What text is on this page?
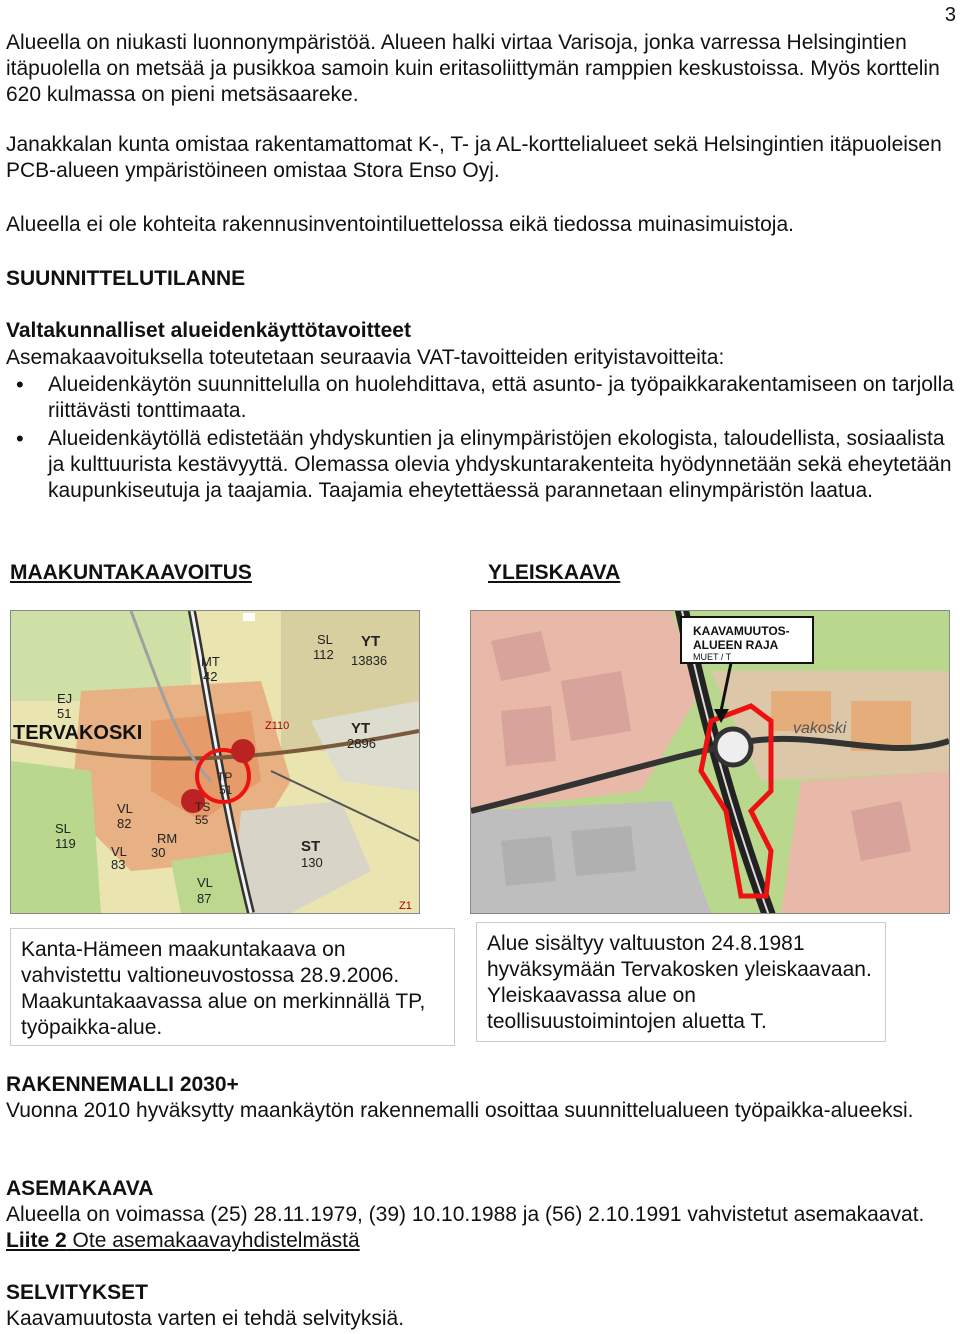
3

Alueella on niukasti luonnonympäristöä. Alueen halki virtaa Varisoja, jonka varressa Helsingintien itäpuolella on metsää ja pusikkoa samoin kuin eritasoliittymän ramppien keskustoissa. Myös korttelin 620 kulmassa on pieni metsäsaareke.

Janakkalan kunta omistaa rakentamattomat K-, T- ja AL-korttelialueet sekä Helsingintien itäpuoleisen PCB-alueen ympäristöineen omistaa Stora Enso Oyj.

Alueella ei ole kohteita rakennusinventointiluettelossa eikä tiedossa muinasimuistoja.

SUUNNITTELUTILANNE

Valtakunnalliset alueidenkäyttötavoitteet

Asemakaavoituksella toteutetaan seuraavia VAT-tavoitteiden erityistavoitteita:

• Alueidenkäytön suunnittelulla on huolehdittava, että asunto- ja työpaikkarakentamiseen on tarjolla riittävästi tonttimaata.
• Alueidenkäytöllä edistetään yhdyskuntien ja elinympäristöjen ekologista, taloudellista, sosiaalista ja kulttuurista kestävyyttä. Olemassa olevia yhdyskuntarakenteita hyödynnetään sekä eheytetään kaupunkiseutuja ja taajamia. Taajamia eheytettäessä parannetaan elinympäristön laatua.

MAAKUNTAKAAVOITUS

MT
42
SL
112
YT
13836
EJ
51
TERVAKOSKI	YT
2896
Z110
TP
51
TS
55
VL
82
SL
119
VL
83
RM
30	ST
130
VL
87	Z1

Kanta-Hämeen maakuntakaava on vahvistettu valtioneuvostossa 28.9.2006. Maakuntakaavassa alue on merkinnällä TP, työpaikka-alue.

YLEISKAAVA

KAAVAMUUTOS-
ALUEEN RAJA
MUET / T
vakoski

Alue sisältyy valtuuston 24.8.1981 hyväksymään Tervakosken yleiskaavaan. Yleiskaavassa alue on teollisuustoimintojen aluetta T.

RAKENNEMALLI 2030+

Vuonna 2010 hyväksytty maankäytön rakennemalli osoittaa suunnittelualueen työpaikka-alueeksi.

ASEMAKAAVA

Alueella on voimassa (25) 28.11.1979, (39) 10.10.1988 ja (56) 2.10.1991 vahvistetut asemakaavat. Liite 2 Ote asemakaavayhdistelmästä

SELVITYKSET

Kaavamuutosta varten ei tehdä selvityksiä.
